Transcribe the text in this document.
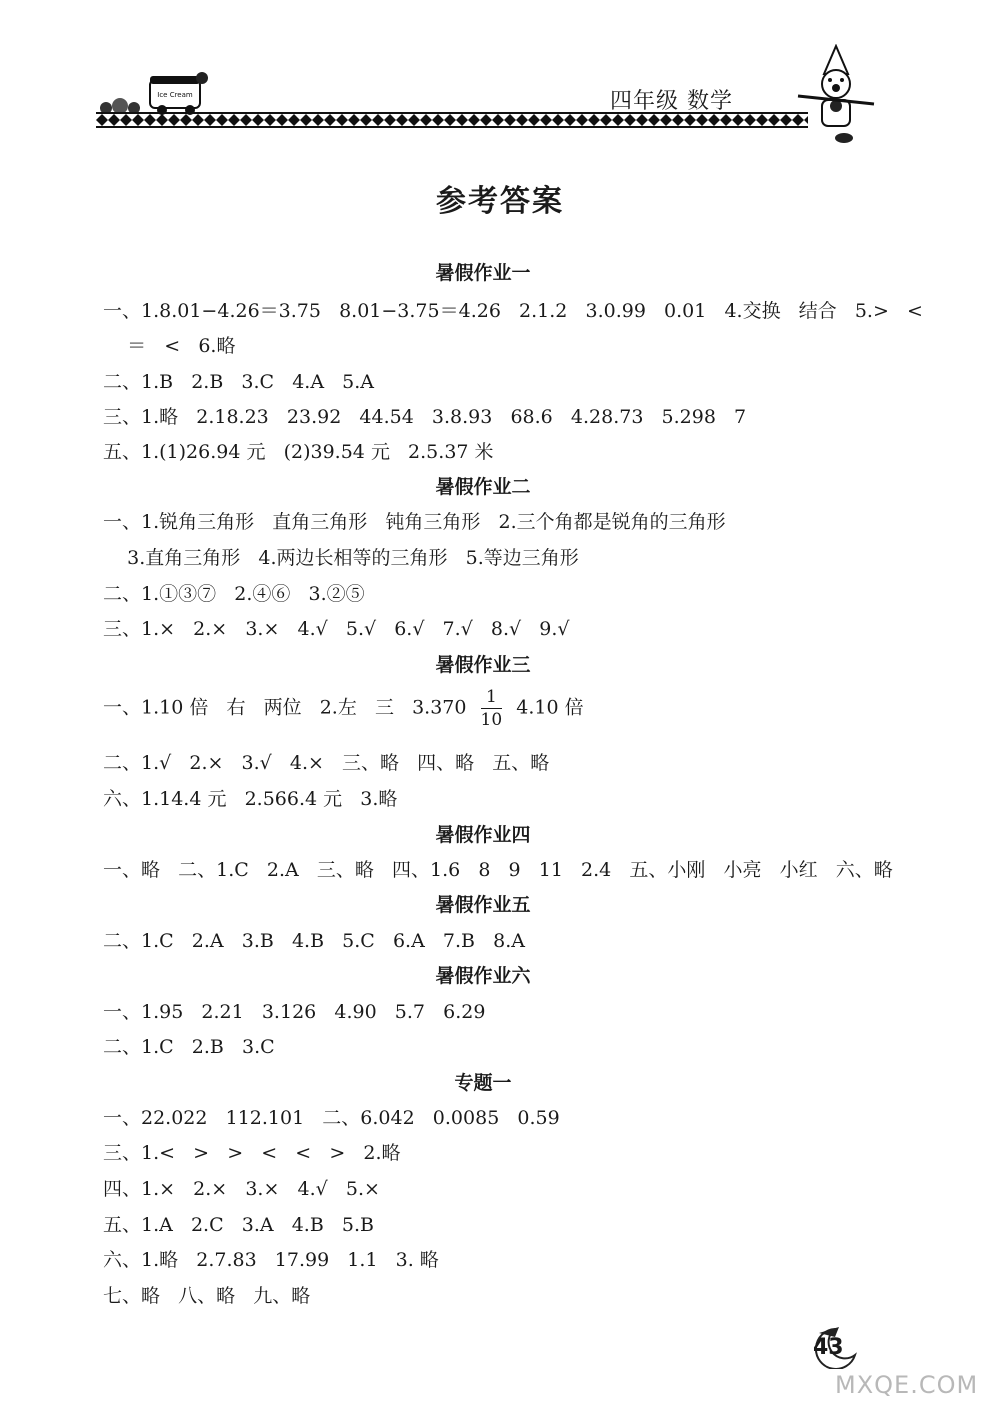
Ice Cream	四年级 数学
参考答案
暑假作业一
一、1.8.01−4.26＝3.75   8.01−3.75＝4.26   2.1.2   3.0.99   0.01   4.交换   结合   5.>   <
＝   <   6.略
二、1.B   2.B   3.C   4.A   5.A
三、1.略   2.18.23   23.92   44.54   3.8.93   68.6   4.28.73   5.298   7
五、1.(1)26.94 元   (2)39.54 元   2.5.37 米
暑假作业二
一、1.锐角三角形   直角三角形   钝角三角形   2.三个角都是锐角的三角形
3.直角三角形   4.两边长相等的三角形   5.等边三角形
二、1.①③⑦   2.④⑥   3.②⑤
三、1.×   2.×   3.×   4.√   5.√   6.√   7.√   8.√   9.√
暑假作业三
一、1.10 倍   右   两位   2.左   三   $3.370 \frac{1}{10} 4.10$ 倍
二、1.√   2.×   3.√   4.×   三、略   四、略   五、略
六、1.14.4 元   2.566.4 元   3.略
暑假作业四
一、略   二、1.C   2.A   三、略   四、1.6   8   9   11   2.4   五、小刚   小亮   小红   六、略
暑假作业五
二、1.C   2.A   3.B   4.B   5.C   6.A   7.B   8.A
暑假作业六
一、1.95   2.21   3.126   4.90   5.7   6.29
二、1.C   2.B   3.C
专题一
一、22.022   112.101   二、6.042   0.0085   0.59
三、1.<   >   >   <   <   >   2.略
四、1.×   2.×   3.×   4.√   5.×
五、1.A   2.C   3.A   4.B   5.B
六、1.略   2.7.83   17.99   1.1   3. 略
七、略   八、略   九、略
43
MXQE.COM
